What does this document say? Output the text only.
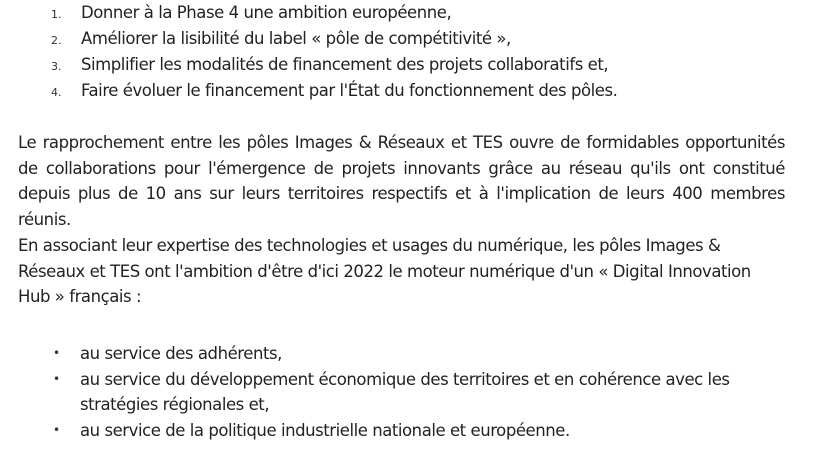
1. Donner à la Phase 4 une ambition européenne,
2. Améliorer la lisibilité du label « pôle de compétitivité »,
3. Simplifier les modalités de financement des projets collaboratifs et,
4. Faire évoluer le financement par l'État du fonctionnement des pôles.

Le rapprochement entre les pôles Images & Réseaux et TES ouvre de formidables opportunités de collaborations pour l'émergence de projets innovants grâce au réseau qu'ils ont constitué depuis plus de 10 ans sur leurs territoires respectifs et à l'implication de leurs 400 membres réunis.

En associant leur expertise des technologies et usages du numérique, les pôles Images & Réseaux et TES ont l'ambition d'être d'ici 2022 le moteur numérique d'un « Digital Innovation Hub » français :

• au service des adhérents,
• au service du développement économique des territoires et en cohérence avec les stratégies régionales et,
• au service de la politique industrielle nationale et européenne.
